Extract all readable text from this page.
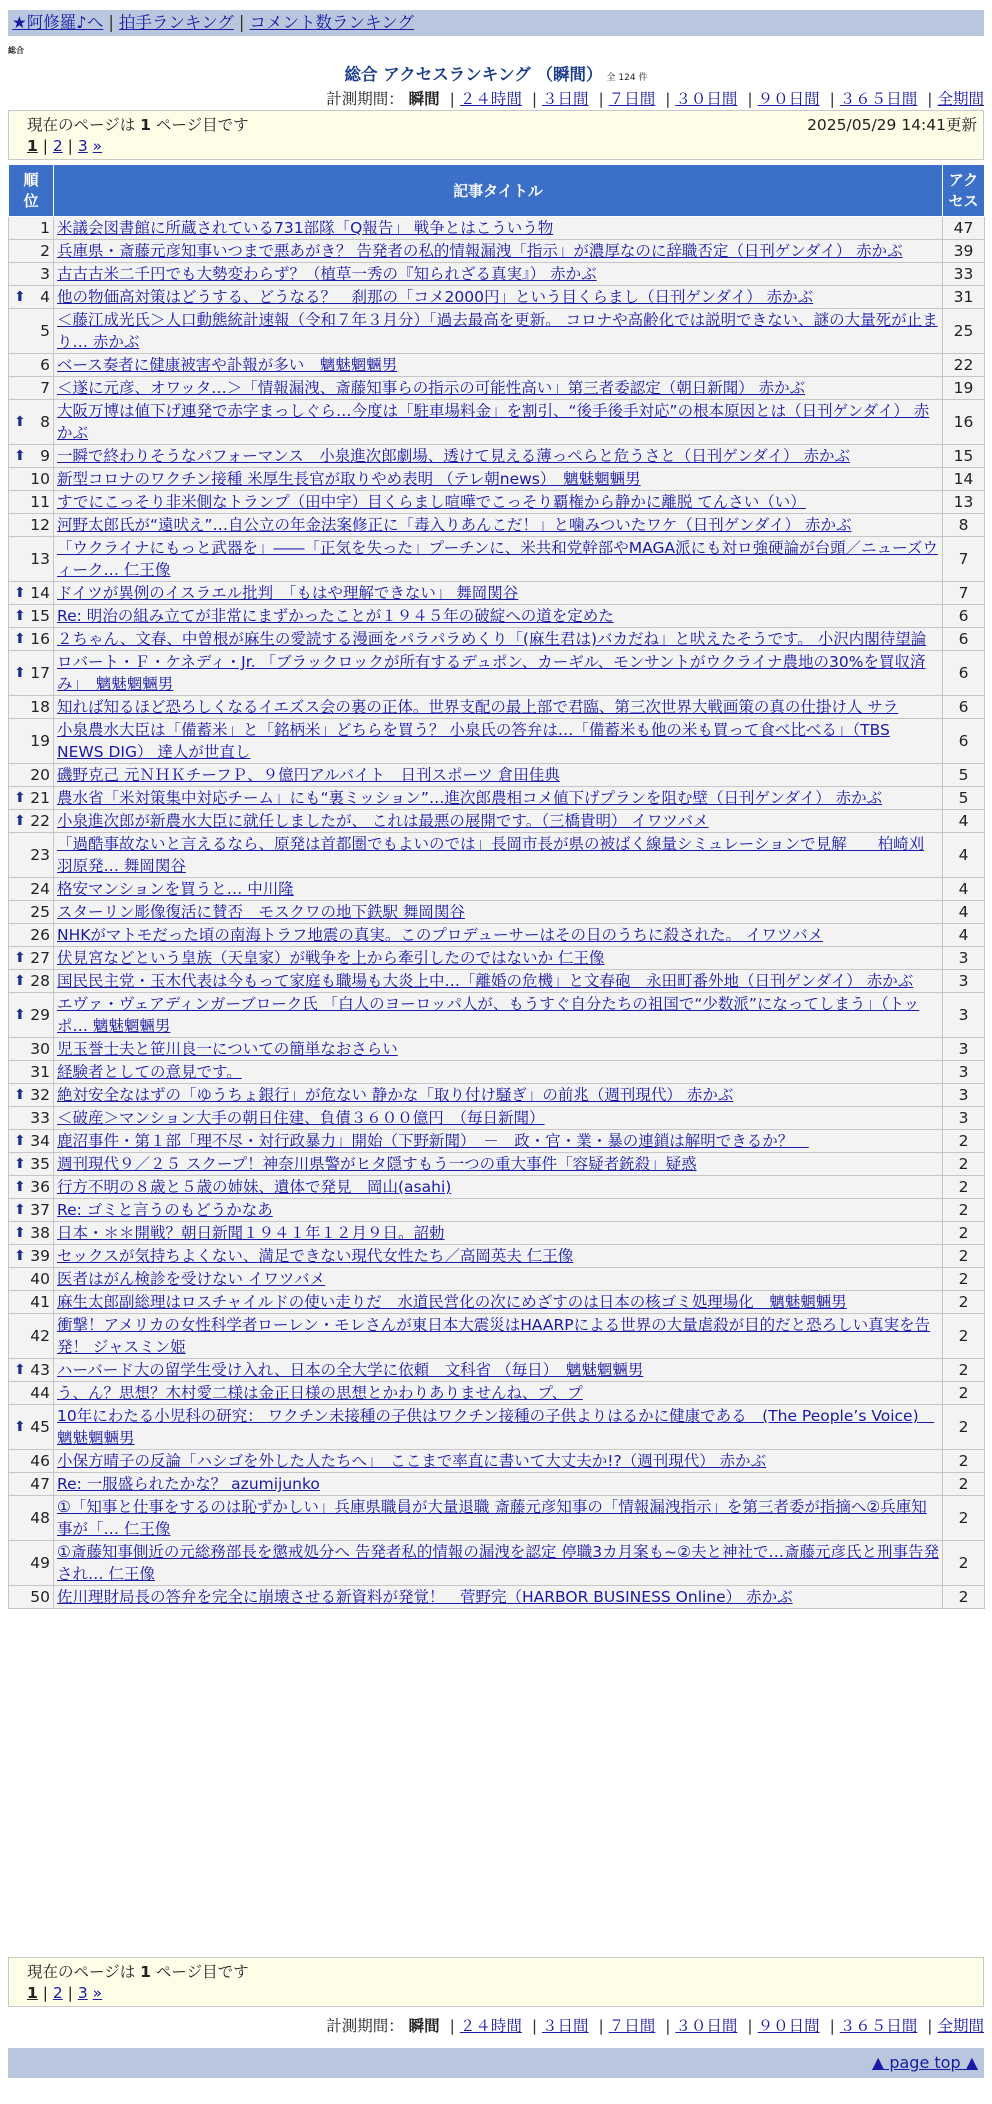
★阿修羅♪へ | 拍手ランキング | コメント数ランキング
総合
総合 アクセスランキング （瞬間） 全 124 件
計測期間： 瞬間 | ２４時間 | ３日間 | ７日間 | ３０日間 | ９０日間 | ３６５日間 | 全期間
現在のページは 1 ページ目です	2025/05/29 14:41更新
1 | 2 | 3 »
順位	記事タイトル	アクセス
1	米議会図書館に所蔵されている731部隊「Q報告」 戦争とはこういう物	47
2	兵庫県・斎藤元彦知事いつまで悪あがき？ 告発者の私的情報漏洩「指示」が濃厚なのに辞職否定（日刊ゲンダイ） 赤かぶ	39
3	古古古米二千円でも大勢変わらず？（植草一秀の『知られざる真実』） 赤かぶ	33

⬆ 4	他の物価高対策はどうする、どうなる？　刹那の「コメ2000円」という目くらまし（日刊ゲンダイ） 赤かぶ	31
5	＜藤江成光氏＞人口動態統計速報（令和７年３月分）「過去最高を更新。 コロナや高齢化では説明できない、謎の大量死が止まり… 赤かぶ	25
6	ベース奏者に健康被害や訃報が多い　魑魅魍魎男	22
7	＜遂に元彦、オワッタ…＞「情報漏洩、斎藤知事らの指示の可能性高い」第三者委認定（朝日新聞） 赤かぶ	19

⬆ 8	大阪万博は値下げ連発で赤字まっしぐら…今度は「駐車場料金」を割引、“後手後手対応”の根本原因とは（日刊ゲンダイ） 赤かぶ	16

⬆ 9	一瞬で終わりそうなパフォーマンス　小泉進次郎劇場、透けて見える薄っぺらと危うさと（日刊ゲンダイ） 赤かぶ	15
10	新型コロナのワクチン接種 米厚生長官が取りやめ表明 （テレ朝news）　魑魅魍魎男	14
11	すでにこっそり非米側なトランプ（田中宇）目くらまし喧嘩でこっそり覇権から静かに離脱 てんさい（い）	13
12	河野太郎氏が“遠吠え”…自公立の年金法案修正に「毒入りあんこだ！」と噛みついたワケ（日刊ゲンダイ） 赤かぶ	8
13	「ウクライナにもっと武器を」――「正気を失った」プーチンに、米共和党幹部やMAGA派にも対ロ強硬論が台頭／ニューズウィーク… 仁王像	7

⬆ 14	ドイツが異例のイスラエル批判　「もはや理解できない」 舞岡関谷	7

⬆ 15	Re: 明治の組み立てが非常にまずかったことが１９４５年の破綻への道を定めた	6

⬆ 16	２ちゃん、文春、中曽根が麻生の愛読する漫画をパラパラめくり「(麻生君は)バカだね」と吠えたそうです。 小沢内閣待望論	6

⬆ 17	ロバート・Ｆ・ケネディ・Jr. 「ブラックロックが所有するデュポン、カーギル、モンサントがウクライナ農地の30%を買収済み」　魑魅魍魎男	6
18	知れば知るほど恐ろしくなるイエズス会の裏の正体。世界支配の最上部で君臨、第三次世界大戦画策の真の仕掛け人 サラ	6
19	小泉農水大臣は「備蓄米」と「銘柄米」どちらを買う？ 小泉氏の答弁は…「備蓄米も他の米も買って食べ比べる」（TBS NEWS DIG） 達人が世直し	6
20	磯野克己 元ＮＨＫチーフＰ、９億円アルバイト　日刊スポーツ 倉田佳典	5

⬆ 21	農水省「米対策集中対応チーム」にも“裏ミッション”…進次郎農相コメ値下げプランを阻む壁（日刊ゲンダイ） 赤かぶ	5

⬆ 22	小泉進次郎が新農水大臣に就任しましたが、 これは最悪の展開です。（三橋貴明） イワツバメ	4
23	「過酷事故ないと言えるなら、原発は首都圏でもよいのでは」長岡市長が県の被ばく線量シミュレーションで見解　　柏崎刈羽原発… 舞岡関谷	4
24	格安マンションを買うと… 中川隆	4
25	スターリン彫像復活に賛否　モスクワの地下鉄駅 舞岡関谷	4
26	NHKがマトモだった頃の南海トラフ地震の真実。このプロデューサーはその日のうちに殺された。 イワツバメ	4

⬆ 27	伏見宮などという皇族（天皇家）が戦争を上から牽引したのではないか 仁王像	3

⬆ 28	国民民主党・玉木代表は今もって家庭も職場も大炎上中…「離婚の危機」と文春砲　永田町番外地（日刊ゲンダイ） 赤かぶ	3

⬆ 29	エヴァ・ヴェアディンガーブローク氏 「白人のヨーロッパ人が、もうすぐ自分たちの祖国で“少数派”になってしまう」（トッポ… 魑魅魍魎男	3
30	児玉誉士夫と笹川良一についての簡単なおさらい	3
31	経験者としての意見です。	3

⬆ 32	絶対安全なはずの「ゆうちょ銀行」が危ない 静かな「取り付け騒ぎ」の前兆（週刊現代） 赤かぶ	3
33	＜破産＞マンション大手の朝日住建、負債３６００億円　（毎日新聞）	3

⬆ 34	鹿沼事件・第１部「理不尽・対行政暴力」開始（下野新聞）　－　政・官・業・暴の連鎖は解明できるか？　	2

⬆ 35	週刊現代９／２５ スクープ！神奈川県警がヒタ隠すもう一つの重大事件「容疑者銃殺」疑惑	2

⬆ 36	行方不明の８歳と５歳の姉妹、遺体で発見　岡山(asahi)	2

⬆ 37	Re: ゴミと言うのもどうかなあ	2

⬆ 38	日本・＊＊開戦？朝日新聞１９４１年１２月９日。詔勅	2

⬆ 39	セックスが気持ちよくない、満足できない現代女性たち／高岡英夫 仁王像	2
40	医者はがん検診を受けない イワツバメ	2
41	麻生太郎副総理はロスチャイルドの使い走りだ　水道民営化の次にめざすのは日本の核ゴミ処理場化　魑魅魍魎男	2
42	衝撃！アメリカの女性科学者ローレン・モレさんが東日本大震災はHAARPによる世界の大量虐殺が目的だと恐ろしい真実を告発！ ジャスミン姫	2

⬆ 43	ハーバード大の留学生受け入れ、日本の全大学に依頼　文科省 （毎日）　魑魅魍魎男	2
44	う、ん？思想？木村愛二様は金正日様の思想とかわりありませんね、プ、プ	2

⬆ 45	10年にわたる小児科の研究： ワクチン未接種の子供はワクチン接種の子供よりはるかに健康である　(The People’s Voice)　魑魅魍魎男	2
46	小保方晴子の反論「ハシゴを外した人たちへ」　ここまで率直に書いて大丈夫か!?（週刊現代） 赤かぶ	2
47	Re: 一服盛られたかな？ azumijunko	2
48	①「知事と仕事をするのは恥ずかしい」兵庫県職員が大量退職 斎藤元彦知事の「情報漏洩指示」を第三者委が指摘へ②兵庫知事が「… 仁王像	2
49	①斎藤知事側近の元総務部長を懲戒処分へ 告発者私的情報の漏洩を認定 停職3カ月案も~②夫と神社で…斎藤元彦氏と刑事告発され… 仁王像	2
50	佐川理財局長の答弁を完全に崩壊させる新資料が発覚！　菅野完（HARBOR BUSINESS Online） 赤かぶ	2
現在のページは 1 ページ目です
1 | 2 | 3 »
計測期間： 瞬間 | ２４時間 | ３日間 | ７日間 | ３０日間 | ９０日間 | ３６５日間 | 全期間
▲ page top ▲
